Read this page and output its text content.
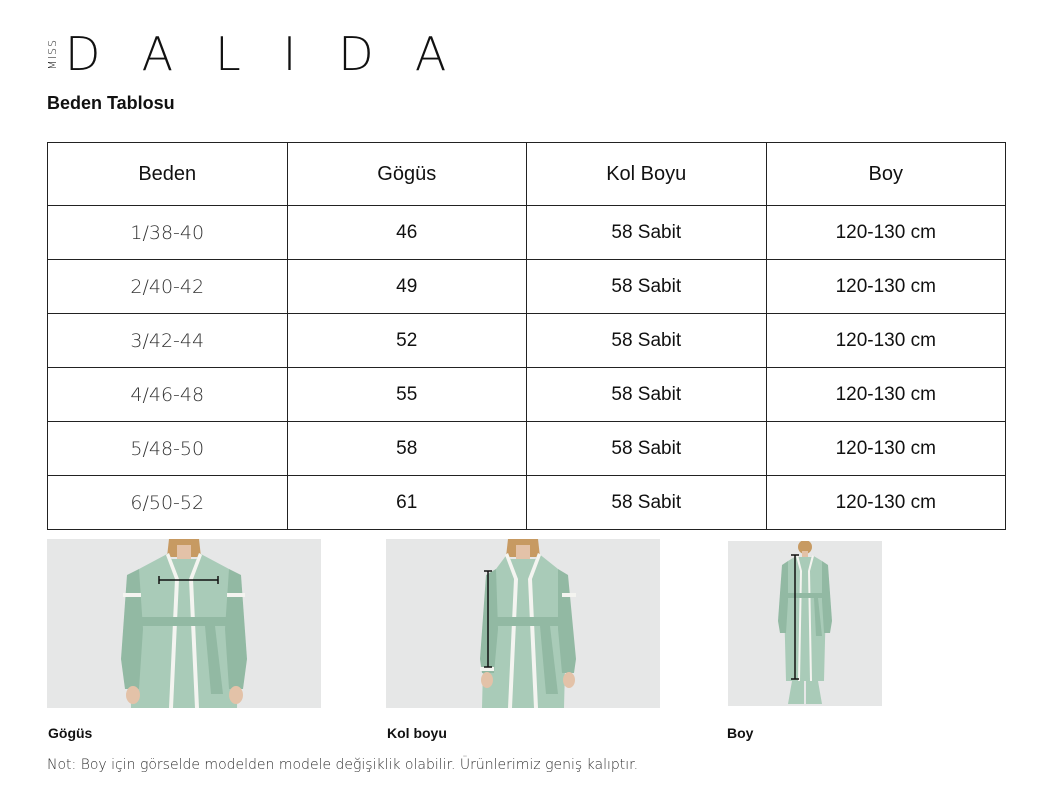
MISS DALIDA
Beden Tablosu
Beden	Gögüs	Kol Boyu	Boy
1/38-40	46	58 Sabit	120-130 cm
2/40-42	49	58 Sabit	120-130 cm
3/42-44	52	58 Sabit	120-130 cm
4/46-48	55	58 Sabit	120-130 cm
5/48-50	58	58 Sabit	120-130 cm
6/50-52	61	58 Sabit	120-130 cm
Gögüs	Kol boyu	Boy
Not: Boy için görselde modelden modele değişiklik olabilir. Ürünlerimiz geniş kalıptır.
